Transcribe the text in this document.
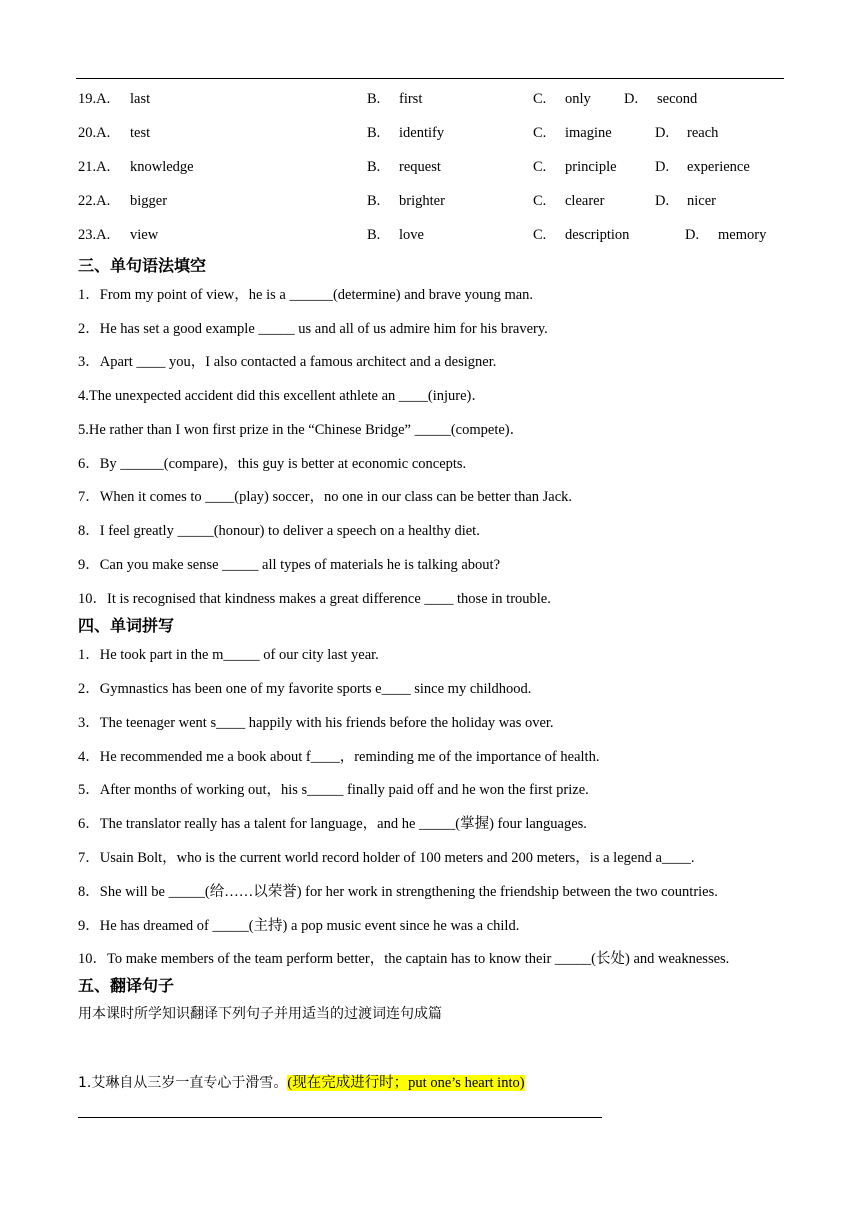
19.A. last	B. first	C. only D. second
20.A. test	B. identify	C. imagine	D. reach
21.A. knowledge	B. request	C. principle	D. experience
22.A. bigger	B. brighter	C. clearer	D. nicer
23.A. view	B. love	C. description	D. memory
三、单句语法填空
1．From my point of view，he is a ______(determine) and brave young man.
2．He has set a good example _____ us and all of us admire him for his bravery.
3．Apart ____ you，I also contacted a famous architect and a designer.
4.The unexpected accident did this excellent athlete an ____(injure)．
5.He rather than I won first prize in the “Chinese Bridge” _____(compete)．
6．By ______(compare)，this guy is better at economic concepts.
7．When it comes to ____(play) soccer，no one in our class can be better than Jack.
8．I feel greatly _____(honour) to deliver a speech on a healthy diet.
9．Can you make sense _____ all types of materials he is talking about?
10．It is recognised that kindness makes a great difference ____ those in trouble.
四、单词拼写
1．He took part in the m_____ of our city last year.
2．Gymnastics has been one of my favorite sports e____ since my childhood.
3．The teenager went s____ happily with his friends before the holiday was over.
4．He recommended me a book about f____，reminding me of the importance of health.
5．After months of working out，his s_____ finally paid off and he won the first prize.
6．The translator really has a talent for language，and he _____(掌握) four languages.
7．Usain Bolt，who is the current world record holder of 100 meters and 200 meters，is a legend a____.
8．She will be _____(给……以荣誉) for her work in strengthening the friendship between the two countries.
9．He has dreamed of _____(主持) a pop music event since he was a child.
10．To make members of the team perform better，the captain has to know their _____(长处) and weaknesses.
五、翻译句子
用本课时所学知识翻译下列句子并用适当的过渡词连句成篇
1.艾琳自从三岁一直专心于滑雪。(现在完成进行时；put one’s heart into)
